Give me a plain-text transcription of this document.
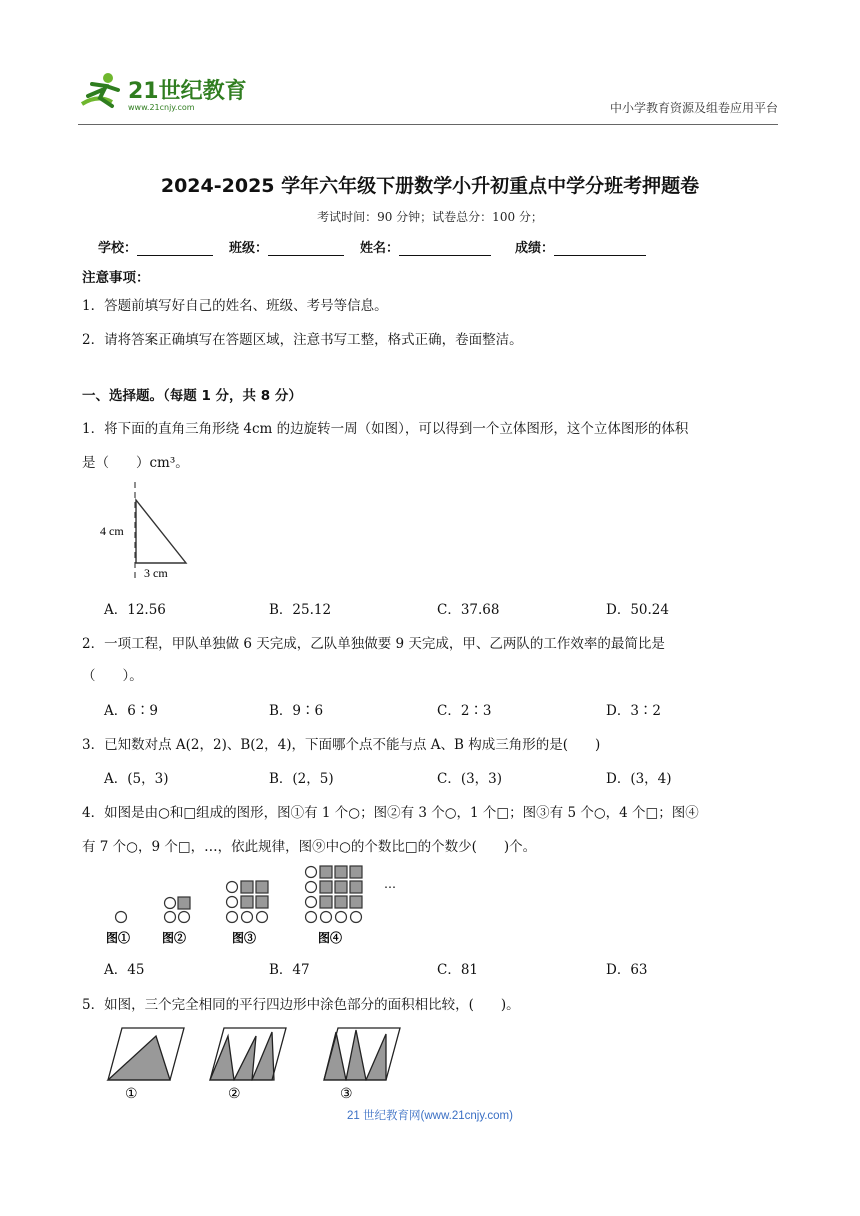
21世纪教育
www.21cnjy.com	中小学教育资源及组卷应用平台
2024-2025 学年六年级下册数学小升初重点中学分班考押题卷
考试时间：90 分钟；试卷总分：100 分；
学校：	班级：	姓名：	成绩：
注意事项：
1．答题前填写好自己的姓名、班级、考号等信息。
2．请将答案正确填写在答题区域，注意书写工整，格式正确，卷面整洁。
一、选择题。（每题 1 分，共 8 分）
1．将下面的直角三角形绕 4cm 的边旋转一周（如图），可以得到一个立体图形，这个立体图形的体积
是（　　）cm³。
4 cm
3 cm
A．12.56	B．25.12	C．37.68	D．50.24
2．一项工程，甲队单独做 6 天完成，乙队单独做要 9 天完成，甲、乙两队的工作效率的最简比是
（　　）。
A．6∶9	B．9∶6	C．2∶3	D．3∶2
3．已知数对点 A(2，2)、B(2，4)，下面哪个点不能与点 A、B 构成三角形的是(　　)
A．(5，3)	B．(2，5)	C．(3，3)	D．(3，4)
4．如图是由○和□组成的图形，图①有 1 个○；图②有 3 个○，1 个□；图③有 5 个○，4 个□；图④
有 7 个○，9 个□，…，依此规律，图⑨中○的个数比□的个数少(　　)个。
图①	图②	图③	图④
…
A．45	B．47	C．81	D．63
5．如图，三个完全相同的平行四边形中涂色部分的面积相比较，(　　)。
①	②	③
21 世纪教育网(www.21cnjy.com)
